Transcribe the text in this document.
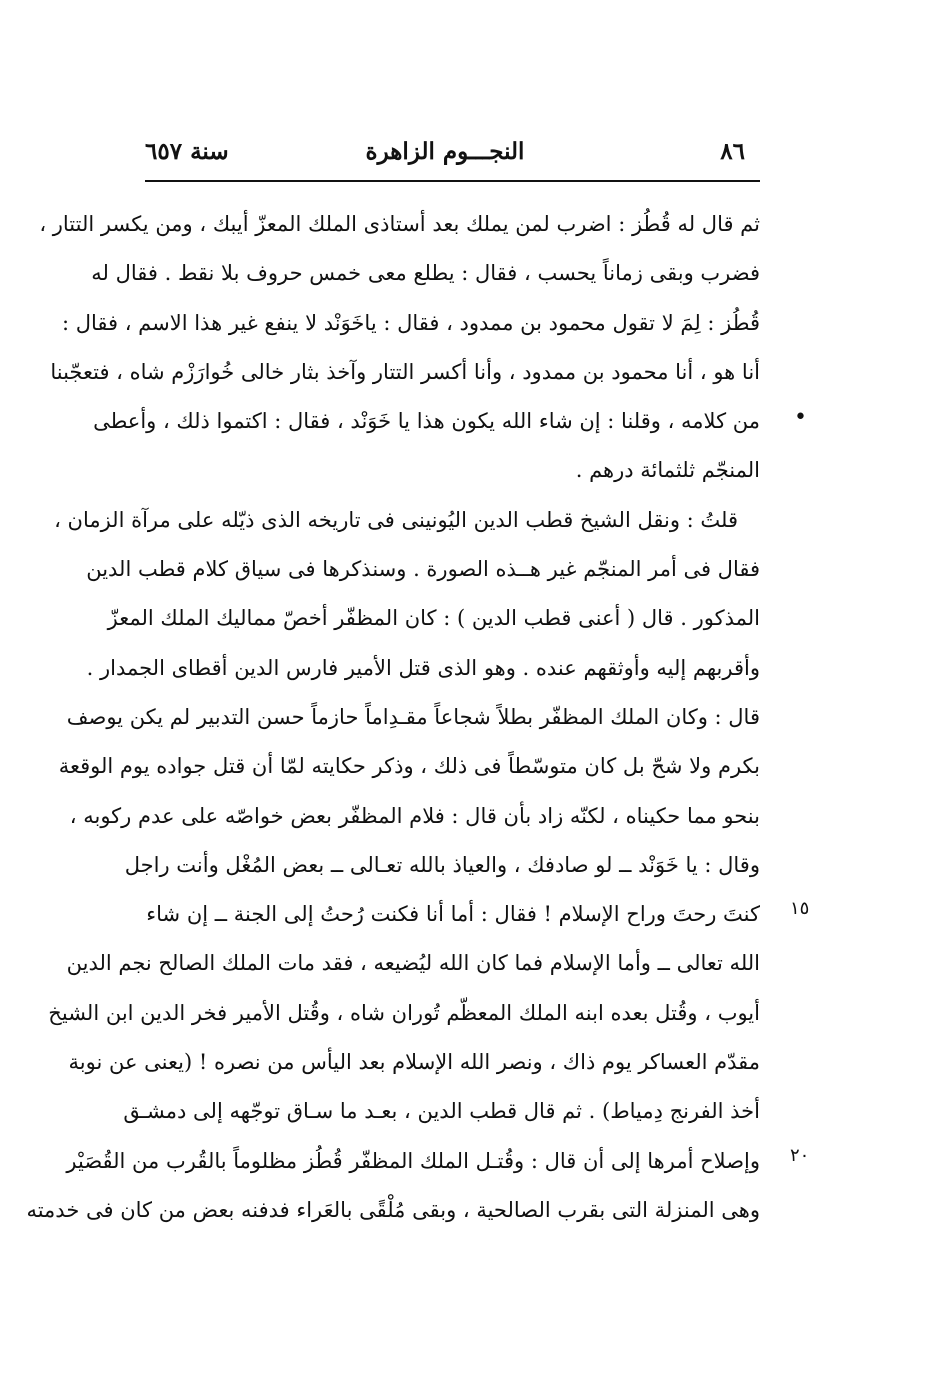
٨٦
النجـــوم الزاهرة
سنة ٦٥٧
•
١٥
٢٠
ثم قال له قُطُز : اضرب لمن يملك بعد أستاذى الملك المعزّ أيبك ، ومن يكسر التتار ،
فضرب وبقى زماناً يحسب ، فقال : يطلع معى خمس حروف بلا نقط . فقال له
قُطُز : لِمَ لا تقول محمود بن ممدود ، فقال : ياخَوَنْد لا ينفع غير هذا الاسم ، فقال :
أنا هو ، أنا محمود بن ممدود ، وأنا أكسر التتار وآخذ بثار خالى خُوارَزْم شاه ، فتعجّبنا
من كلامه ، وقلنا : إن شاء الله يكون هذا يا خَوَنْد ، فقال : اكتموا ذلك ، وأعطى
المنجّم ثلثمائة درهم .
قلتُ : ونقل الشيخ قطب الدين اليُونينى فى تاريخه الذى ذيّله على مرآة الزمان ،
فقال فى أمر المنجّم غير هــذه الصورة . وسنذكرها فى سياق كلام قطب الدين
المذكور . قال ( أعنى قطب الدين ) : كان المظفّر أخصّ مماليك الملك المعزّ
وأقربهم إليه وأوثقهم عنده . وهو الذى قتل الأمير فارس الدين أقطاى الجمدار .
قال : وكان الملك المظفّر بطلاً شجاعاً مقـدِاماً حازماً حسن التدبير لم يكن يوصف
بكرم ولا شحّ بل كان متوسّطاً فى ذلك ، وذكر حكايته لمّا أن قتل جواده يوم الوقعة
بنحو مما حكيناه ، لكنّه زاد بأن قال : فلام المظفّر بعض خواصّه على عدم ركوبه ،
وقال : يا خَوَنْد ــ لو صادفك ، والعياذ بالله تعـالى ــ بعض المُغْل وأنت راجل
كنتَ رحتَ وراح الإسلام ! فقال : أما أنا فكنت رُحتُ إلى الجنة ــ إن شاء
الله تعالى ــ وأما الإسلام فما كان الله ليُضيعه ، فقد مات الملك الصالح نجم الدين
أيوب ، وقُتل بعده ابنه الملك المعظّم تُوران شاه ، وقُتل الأمير فخر الدين ابن الشيخ
مقدّم العساكر يوم ذاك ، ونصر الله الإسلام بعد اليأس من نصره ! (يعنى عن نوبة
أخذ الفرنج دِمياط) . ثم قال قطب الدين ، بعـد ما سـاق توجّهه إلى دمشـق
وإصلاح أمرها إلى أن قال : وقُتـل الملك المظفّر قُطُز مظلوماً بالقُرب من القُصَيْر
وهى المنزلة التى بقرب الصالحية ، وبقى مُلْقًى بالعَراء فدفنه بعض من كان فى خدمته
